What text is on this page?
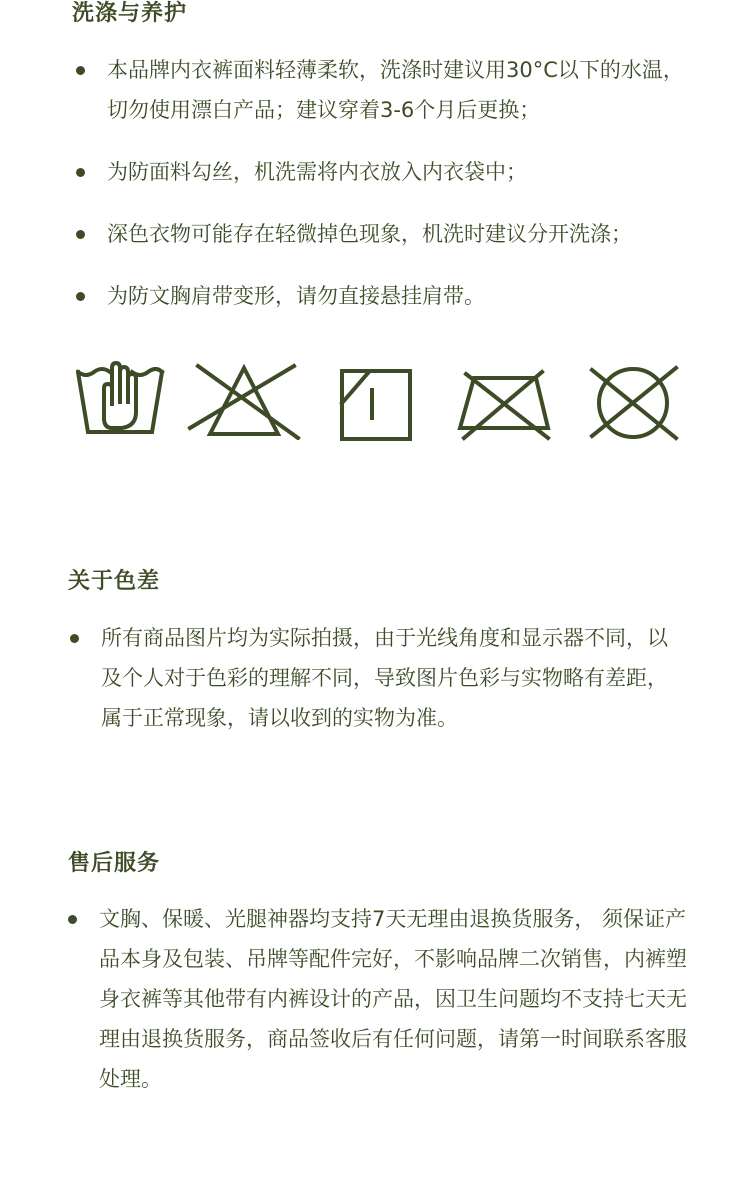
洗涤与养护
本品牌内衣裤面料轻薄柔软，洗涤时建议用30°C以下的水温，切勿使用漂白产品；建议穿着3-6个月后更换；
为防面料勾丝，机洗需将内衣放入内衣袋中；
深色衣物可能存在轻微掉色现象，机洗时建议分开洗涤；
为防文胸肩带变形，请勿直接悬挂肩带。
关于色差
所有商品图片均为实际拍摄，由于光线角度和显示器不同，以及个人对于色彩的理解不同，导致图片色彩与实物略有差距，属于正常现象，请以收到的实物为准。
售后服务
文胸、保暖、光腿神器均支持7天无理由退换货服务， 须保证产品本身及包装、吊牌等配件完好，不影响品牌二次销售，内裤塑身衣裤等其他带有内裤设计的产品，因卫生问题均不支持七天无理由退换货服务，商品签收后有任何问题，请第一时间联系客服处理。
